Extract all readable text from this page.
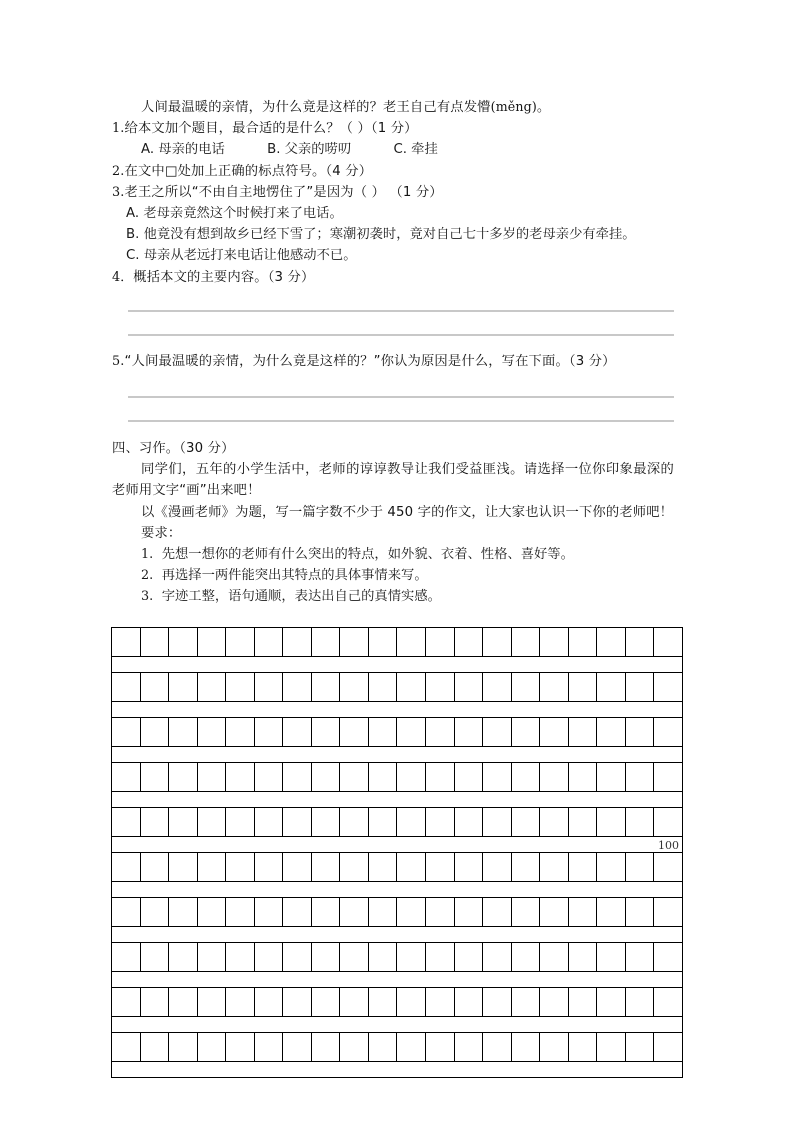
人间最温暖的亲情，为什么竟是这样的？老王自己有点发懵(měng)。

1.给本文加个题目，最合适的是什么？（ ）（1 分）

A. 母亲的电话	B. 父亲的唠叨	C. 牵挂

2.在文中□处加上正确的标点符号。（4 分）

3.老王之所以“不由自主地愣住了”是因为（ ） （1 分）

A. 老母亲竟然这个时候打来了电话。

B. 他竟没有想到故乡已经下雪了；寒潮初袭时，竟对自己七十多岁的老母亲少有牵挂。

C. 母亲从老远打来电话让他感动不已。

4．概括本文的主要内容。（3 分）

5.“人间最温暖的亲情，为什么竟是这样的？”你认为原因是什么，写在下面。（3 分）

四、习作。（30 分）

同学们，五年的小学生活中，老师的谆谆教导让我们受益匪浅。请选择一位你印象最深的老师用文字“画”出来吧！

以《漫画老师》为题，写一篇字数不少于 450 字的作文，让大家也认识一下你的老师吧！

要求：

1. 先想一想你的老师有什么突出的特点，如外貌、衣着、性格、喜好等。

2. 再选择一两件能突出其特点的具体事情来写。

3. 字迹工整，语句通顺，表达出自己的真情实感。

100																			
